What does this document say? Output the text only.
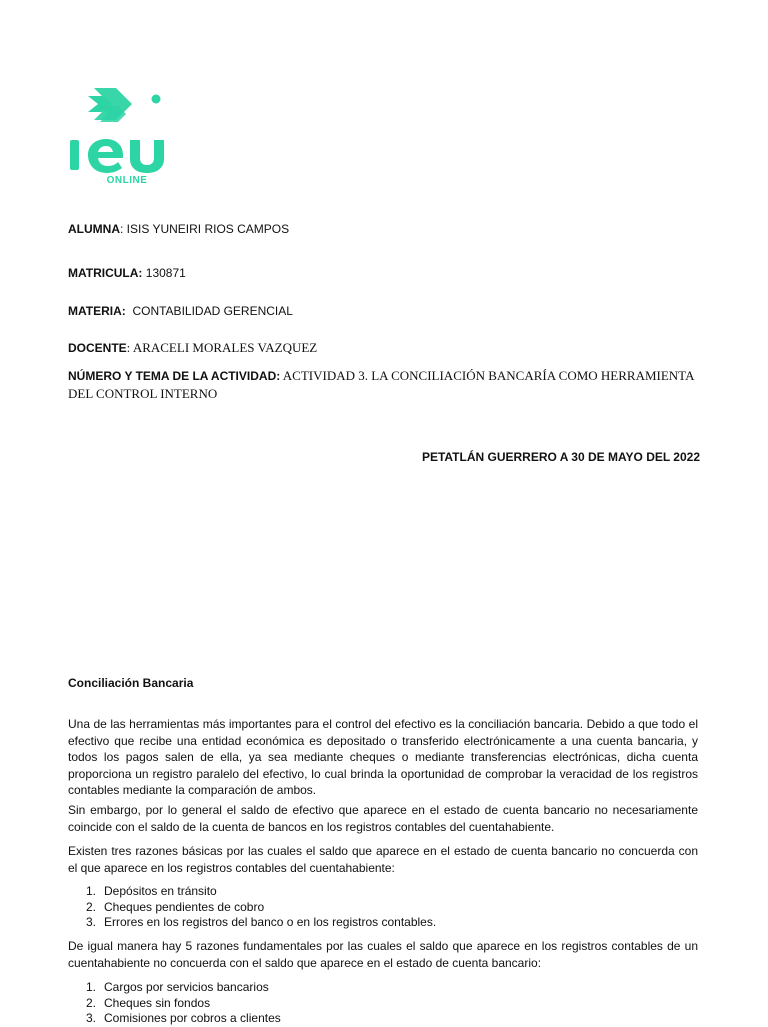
ONLINE
ALUMNA: ISIS YUNEIRI RIOS CAMPOS
MATRICULA: 130871
MATERIA:  CONTABILIDAD GERENCIAL
DOCENTE: ARACELI MORALES VAZQUEZ
NÚMERO Y TEMA DE LA ACTIVIDAD: ACTIVIDAD 3. LA CONCILIACIÓN BANCARÍA COMO HERRAMIENTA
DEL CONTROL INTERNO
PETATLÁN GUERRERO A 30 DE MAYO DEL 2022
Conciliación Bancaria
Una de las herramientas más importantes para el control del efectivo es la conciliación bancaria. Debido a que todo el efectivo que recibe una entidad económica es depositado o transferido electrónicamente a una cuenta bancaria, y todos los pagos salen de ella, ya sea mediante cheques o mediante transferencias electrónicas, dicha cuenta proporciona un registro paralelo del efectivo, lo cual brinda la oportunidad de comprobar la veracidad de los registros contables mediante la comparación de ambos.
Sin embargo, por lo general el saldo de efectivo que aparece en el estado de cuenta bancario no necesariamente coincide con el saldo de la cuenta de bancos en los registros contables del cuentahabiente.
Existen tres razones básicas por las cuales el saldo que aparece en el estado de cuenta bancario no concuerda con el que aparece en los registros contables del cuentahabiente:
1. Depósitos en tránsito
2. Cheques pendientes de cobro
3. Errores en los registros del banco o en los registros contables.
De igual manera hay 5 razones fundamentales por las cuales el saldo que aparece en los registros contables de un cuentahabiente no concuerda con el saldo que aparece en el estado de cuenta bancario:
1. Cargos por servicios bancarios
2. Cheques sin fondos
3. Comisiones por cobros a clientes
